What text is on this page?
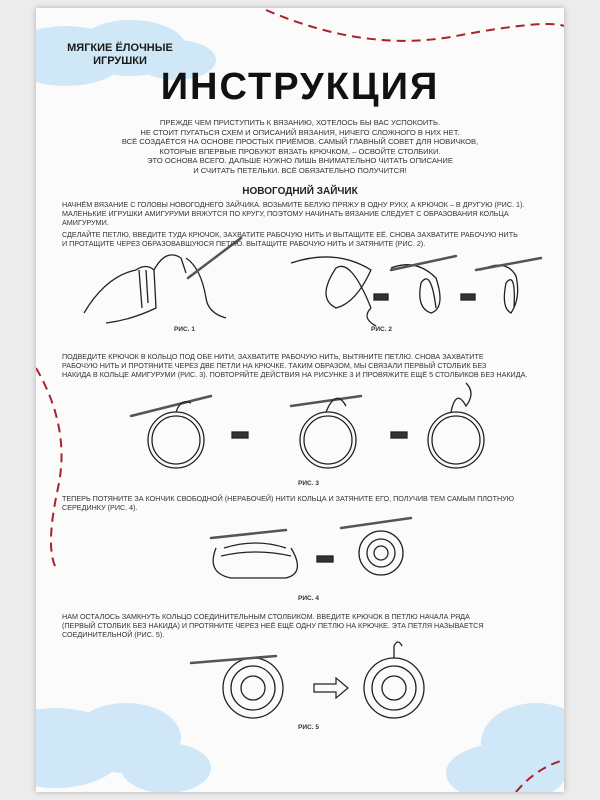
МЯГКИЕ ЁЛОЧНЫЕ
ИГРУШКИ
ИНСТРУКЦИЯ
ПРЕЖДЕ ЧЕМ ПРИСТУПИТЬ К ВЯЗАНИЮ, ХОТЕЛОСЬ БЫ ВАС УСПОКОИТЬ.
НЕ СТОИТ ПУГАТЬСЯ СХЕМ И ОПИСАНИЙ ВЯЗАНИЯ, НИЧЕГО СЛОЖНОГО В НИХ НЕТ.
ВСЁ СОЗДАЁТСЯ НА ОСНОВЕ ПРОСТЫХ ПРИЁМОВ. САМЫЙ ГЛАВНЫЙ СОВЕТ ДЛЯ НОВИЧКОВ,
КОТОРЫЕ ВПЕРВЫЕ ПРОБУЮТ ВЯЗАТЬ КРЮЧКОМ, – ОСВОЙТЕ СТОЛБИКИ.
ЭТО ОСНОВА ВСЕГО. ДАЛЬШЕ НУЖНО ЛИШЬ ВНИМАТЕЛЬНО ЧИТАТЬ ОПИСАНИЕ
И СЧИТАТЬ ПЕТЕЛЬКИ. ВСЁ ОБЯЗАТЕЛЬНО ПОЛУЧИТСЯ!
НОВОГОДНИЙ ЗАЙЧИК
НАЧНЁМ ВЯЗАНИЕ С ГОЛОВЫ НОВОГОДНЕГО ЗАЙЧИКА. ВОЗЬМИТЕ БЕЛУЮ ПРЯЖУ В ОДНУ РУКУ, А КРЮЧОК – В ДРУГУЮ (РИС. 1).
МАЛЕНЬКИЕ ИГРУШКИ АМИГУРУМИ ВЯЖУТСЯ ПО КРУГУ, ПОЭТОМУ НАЧИНАТЬ ВЯЗАНИЕ СЛЕДУЕТ С ОБРАЗОВАНИЯ КОЛЬЦА
АМИГУРУМИ.
СДЕЛАЙТЕ ПЕТЛЮ, ВВЕДИТЕ ТУДА КРЮЧОК, ЗАХВАТИТЕ РАБОЧУЮ НИТЬ И ВЫТАЩИТЕ ЕЁ. СНОВА ЗАХВАТИТЕ РАБОЧУЮ НИТЬ
И ПРОТАЩИТЕ ЧЕРЕЗ ОБРАЗОВАВШУЮСЯ ПЕТЛЮ. ВЫТАЩИТЕ РАБОЧУЮ НИТЬ И ЗАТЯНИТЕ (РИС. 2).
РИС. 1	РИС. 2
ПОДВЕДИТЕ КРЮЧОК В КОЛЬЦО ПОД ОБЕ НИТИ, ЗАХВАТИТЕ РАБОЧУЮ НИТЬ, ВЫТЯНИТЕ ПЕТЛЮ. СНОВА ЗАХВАТИТЕ
РАБОЧУЮ НИТЬ И ПРОТЯНИТЕ ЧЕРЕЗ ДВЕ ПЕТЛИ НА КРЮЧКЕ. ТАКИМ ОБРАЗОМ, МЫ СВЯЗАЛИ ПЕРВЫЙ СТОЛБИК БЕЗ
НАКИДА В КОЛЬЦЕ АМИГУРУМИ (РИС. 3). ПОВТОРЯЙТЕ ДЕЙСТВИЯ НА РИСУНКЕ 3 И ПРОВЯЖИТЕ ЕЩЁ 5 СТОЛБИКОВ БЕЗ НАКИДА.
РИС. 3
ТЕПЕРЬ ПОТЯНИТЕ ЗА КОНЧИК СВОБОДНОЙ (НЕРАБОЧЕЙ) НИТИ КОЛЬЦА И ЗАТЯНИТЕ ЕГО, ПОЛУЧИВ ТЕМ САМЫМ ПЛОТНУЮ
СЕРЕДИНКУ (РИС. 4).
РИС. 4
НАМ ОСТАЛОСЬ ЗАМКНУТЬ КОЛЬЦО СОЕДИНИТЕЛЬНЫМ СТОЛБИКОМ. ВВЕДИТЕ КРЮЧОК В ПЕТЛЮ НАЧАЛА РЯДА
(ПЕРВЫЙ СТОЛБИК БЕЗ НАКИДА) И ПРОТЯНИТЕ ЧЕРЕЗ НЕЁ ЕЩЁ ОДНУ ПЕТЛЮ НА КРЮЧКЕ. ЭТА ПЕТЛЯ НАЗЫВАЕТСЯ
СОЕДИНИТЕЛЬНОЙ (РИС. 5).
РИС. 5
